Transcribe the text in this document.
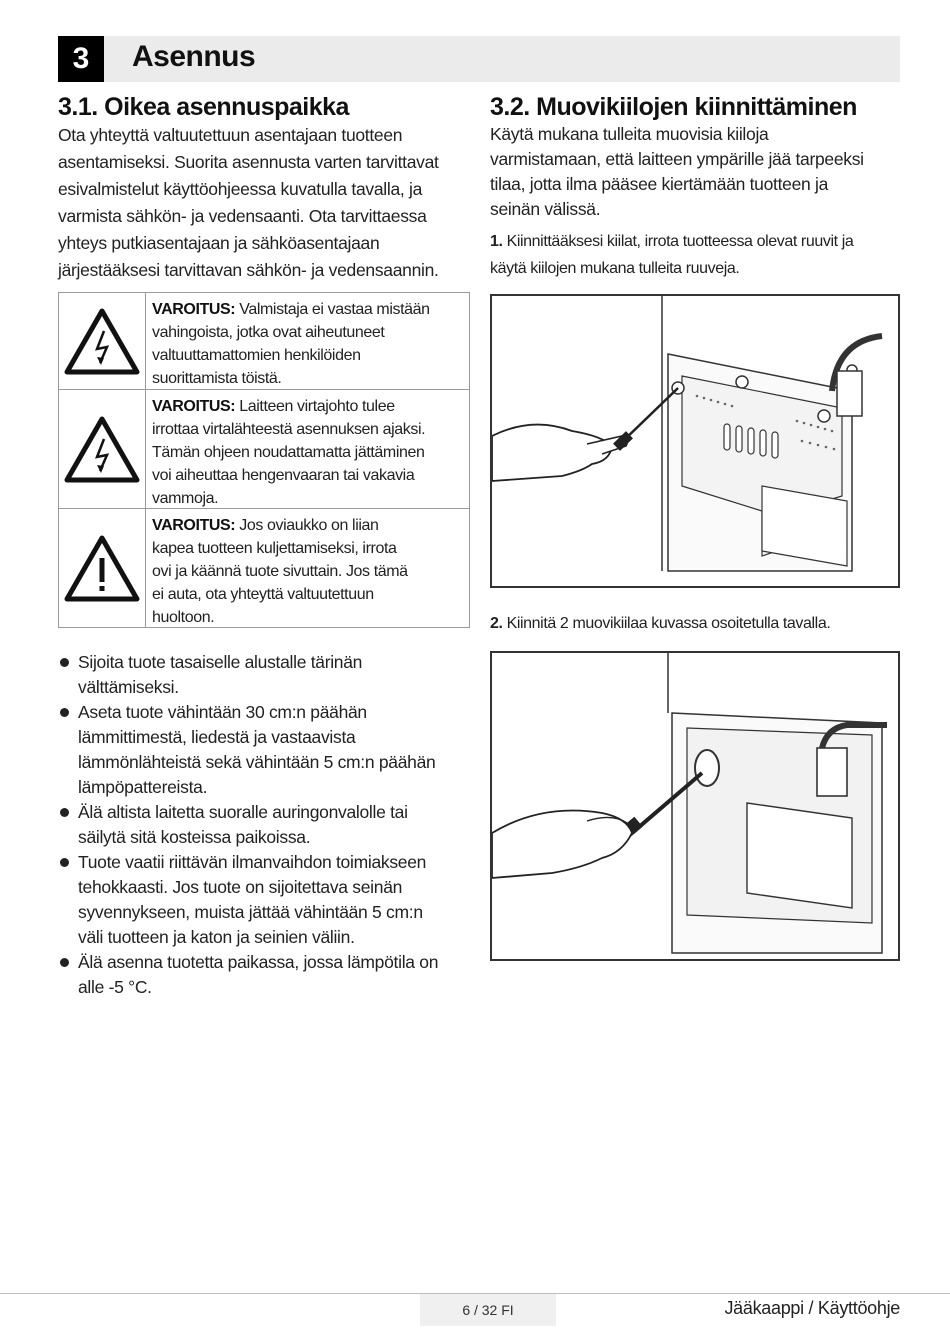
3	Asennus
3.1. Oikea asennuspaikka

Ota yhteyttä valtuutettuun asentajaan tuotteen
asentamiseksi. Suorita asennusta varten tarvittavat
esivalmistelut käyttöohjeessa kuvatulla tavalla, ja
varmista sähkön- ja vedensaanti. Ota tarvittaessa
yhteys putkiasentajaan ja sähköasentajaan
järjestääksesi tarvittavan sähkön- ja vedensaannin.

VAROITUS: Valmistaja ei vastaa mistään
vahingoista, jotka ovat aiheutuneet
valtuuttamattomien henkilöiden
suorittamista töistä.
VAROITUS: Laitteen virtajohto tulee
irrottaa virtalähteestä asennuksen ajaksi.
Tämän ohjeen noudattamatta jättäminen
voi aiheuttaa hengenvaaran tai vakavia
vammoja.
VAROITUS: Jos oviaukko on liian
kapea tuotteen kuljettamiseksi, irrota
ovi ja käännä tuote sivuttain. Jos tämä
ei auta, ota yhteyttä valtuutettuun
huoltoon.
Sijoita tuote tasaiselle alustalle tärinän
välttämiseksi.
Aseta tuote vähintään 30 cm:n päähän
lämmittimestä, liedestä ja vastaavista
lämmönlähteistä sekä vähintään 5 cm:n päähän
lämpöpattereista.
Älä altista laitetta suoralle auringonvalolle tai
säilytä sitä kosteissa paikoissa.
Tuote vaatii riittävän ilmanvaihdon toimiakseen
tehokkaasti. Jos tuote on sijoitettava seinän
syvennykseen, muista jättää vähintään 5 cm:n
väli tuotteen ja katon ja seinien väliin.
Älä asenna tuotetta paikassa, jossa lämpötila on
alle -5 °C.
3.2. Muovikiilojen kiinnittäminen

Käytä mukana tulleita muovisia kiiloja
varmistamaan, että laitteen ympärille jää tarpeeksi
tilaa, jotta ilma pääsee kiertämään tuotteen ja
seinän välissä.

1. Kiinnittääksesi kiilat, irrota tuotteessa olevat ruuvit ja
käytä kiilojen mukana tulleita ruuveja.

2. Kiinnitä 2 muovikiilaa kuvassa osoitetulla tavalla.

6 / 32 FI	Jääkaappi / Käyttöohje
